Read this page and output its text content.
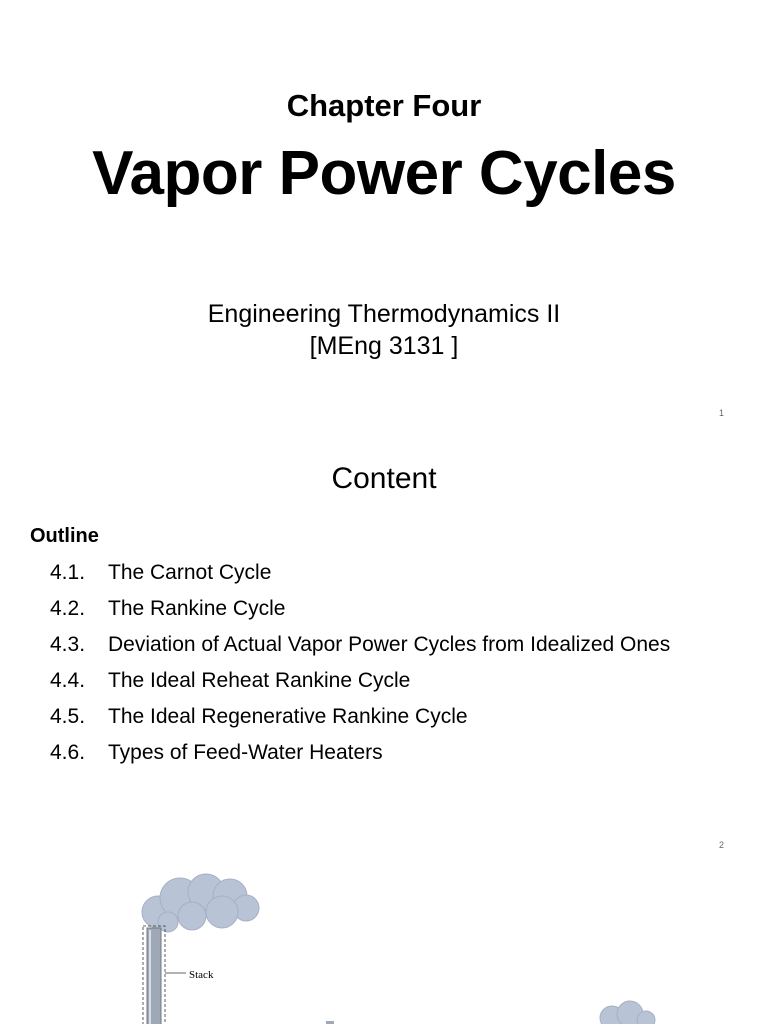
Chapter Four
Vapor Power Cycles
Engineering Thermodynamics II
[MEng 3131 ]
1
Content
Outline
4.1. The Carnot Cycle
4.2. The Rankine Cycle
4.3. Deviation of Actual Vapor Power Cycles from Idealized Ones
4.4. The Ideal Reheat Rankine Cycle
4.5. The Ideal Regenerative Rankine Cycle
4.6. Types of Feed-Water Heaters
2
Stack
